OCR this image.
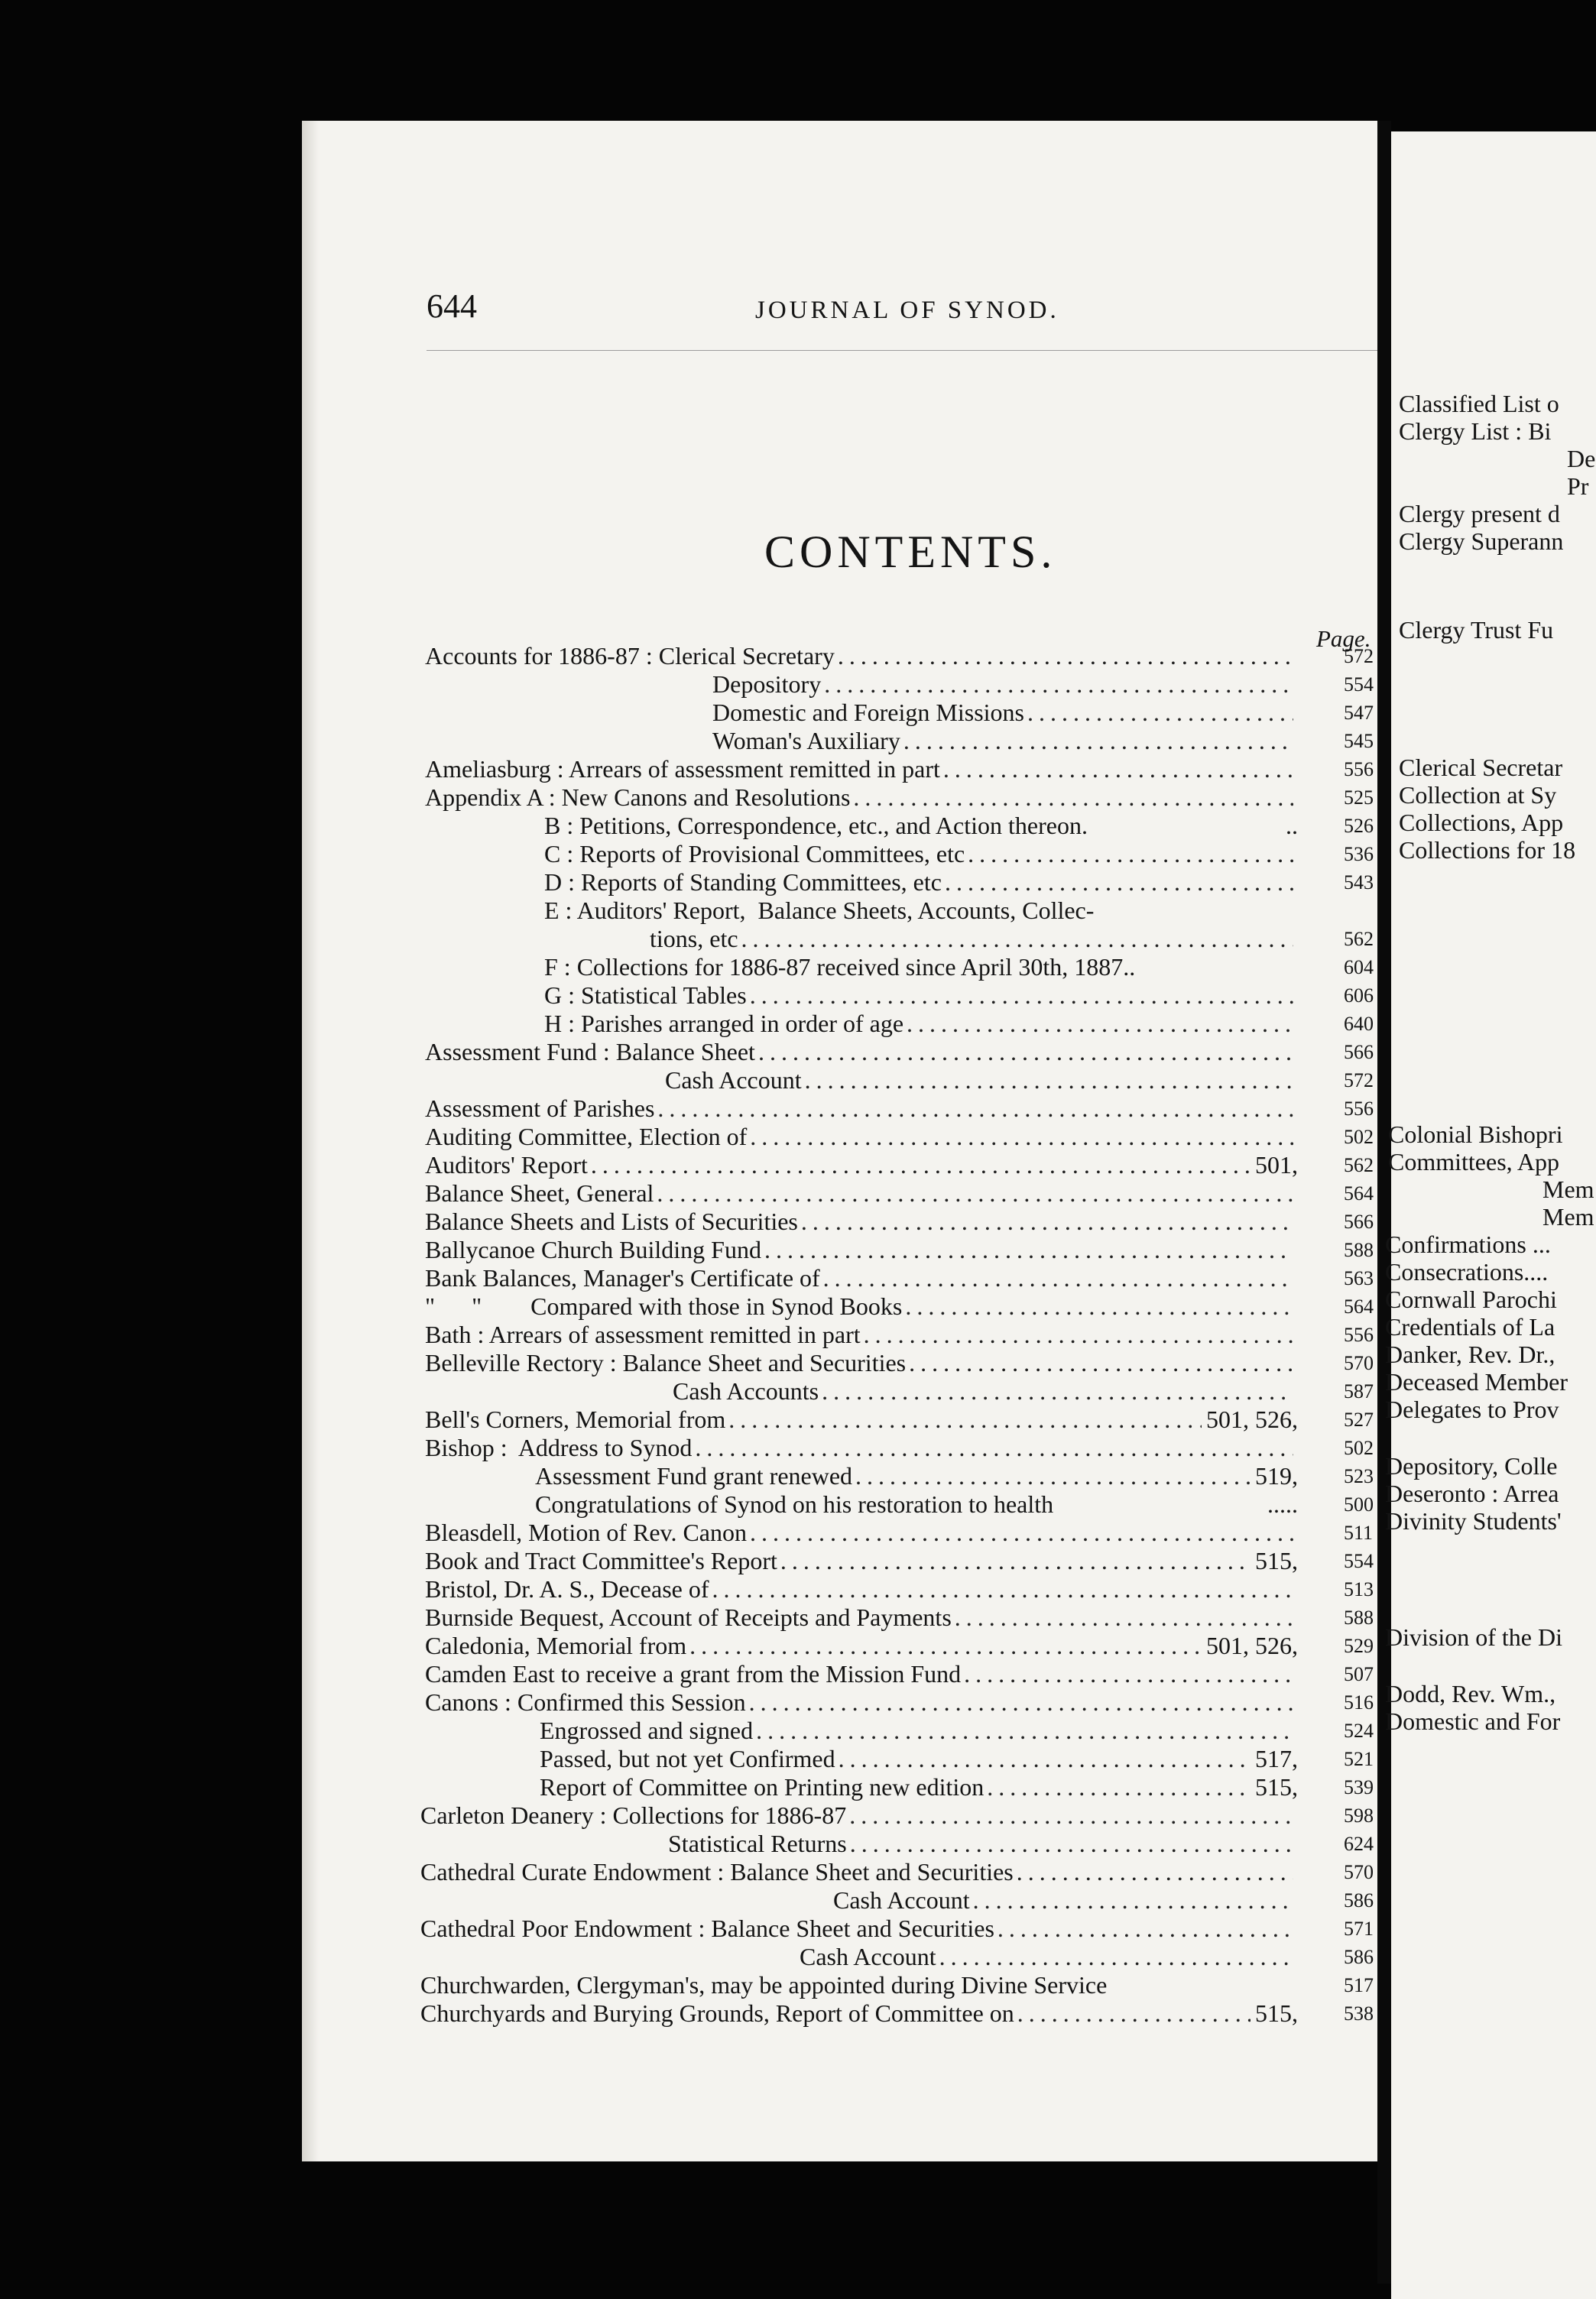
644	JOURNAL OF SYNOD.
CONTENTS.
Page.
Accounts for 1886-87 : Clerical Secretary .....	572
Depository .....	554
Domestic and Foreign Missions .....	547
Woman's Auxiliary .....	545
Ameliasburg : Arrears of assessment remitted in part .....	556
Appendix A : New Canons and Resolutions .....	525
B : Petitions, Correspondence, etc., and Action thereon.	.. 526
C : Reports of Provisional Committees, etc .....	536
D : Reports of Standing Committees, etc .....	543
E : Auditors' Report,  Balance Sheets, Accounts, Collec-
tions, etc .....	562
F : Collections for 1886-87 received since April 30th, 1887..	604
G : Statistical Tables .....	606
H : Parishes arranged in order of age .....	640
Assessment Fund : Balance Sheet .....	566
Cash Account .....	572
Assessment of Parishes .....	556
Auditing Committee, Election of .....	502
Auditors' Report .....	501, 562
Balance Sheet, General .....	564
Balance Sheets and Lists of Securities .....	566
Ballycanoe Church Building Fund .....	588
Bank Balances, Manager's Certificate of .....	563
"      "        Compared with those in Synod Books .....	564
Bath : Arrears of assessment remitted in part .....	556
Belleville Rectory : Balance Sheet and Securities .....	570
Cash Accounts .....	587
Bell's Corners, Memorial from .....	501, 526, 527
Bishop :  Address to Synod .....	502
Assessment Fund grant renewed .....	519, 523
Congratulations of Synod on his restoration to health	..... 500
Bleasdell, Motion of Rev. Canon .....	511
Book and Tract Committee's Report .....	515, 554
Bristol, Dr. A. S., Decease of .....	513
Burnside Bequest, Account of Receipts and Payments .....	588
Caledonia, Memorial from .....	501, 526, 529
Camden East to receive a grant from the Mission Fund .....	507
Canons : Confirmed this Session .....	516
Engrossed and signed .....	524
Passed, but not yet Confirmed .....	517, 521
Report of Committee on Printing new edition .....	515, 539
Carleton Deanery : Collections for 1886-87 .....	598
Statistical Returns .....	624
Cathedral Curate Endowment : Balance Sheet and Securities .....	570
Cash Account .....	586
Cathedral Poor Endowment : Balance Sheet and Securities .....	571
Cash Account .....	586
Churchwarden, Clergyman's, may be appointed during Divine Service	517
Churchyards and Burying Grounds, Report of Committee on .....	515, 538
Classified List o
Clergy List : Bi
De
Pr
Clergy present d
Clergy Superann
Clergy Trust Fu
Clerical Secretar
Collection at Sy
Collections, App
Collections for 18
Colonial Bishopri
Committees, App
Mem
Mem
Confirmations ...
Consecrations....
Cornwall Parochi
Credentials of La
Danker, Rev. Dr.,
Deceased Member
Delegates to Prov
Depository, Colle
Deseronto : Arrea
Divinity Students'
Division of the Di
Dodd, Rev. Wm.,
Domestic and For
